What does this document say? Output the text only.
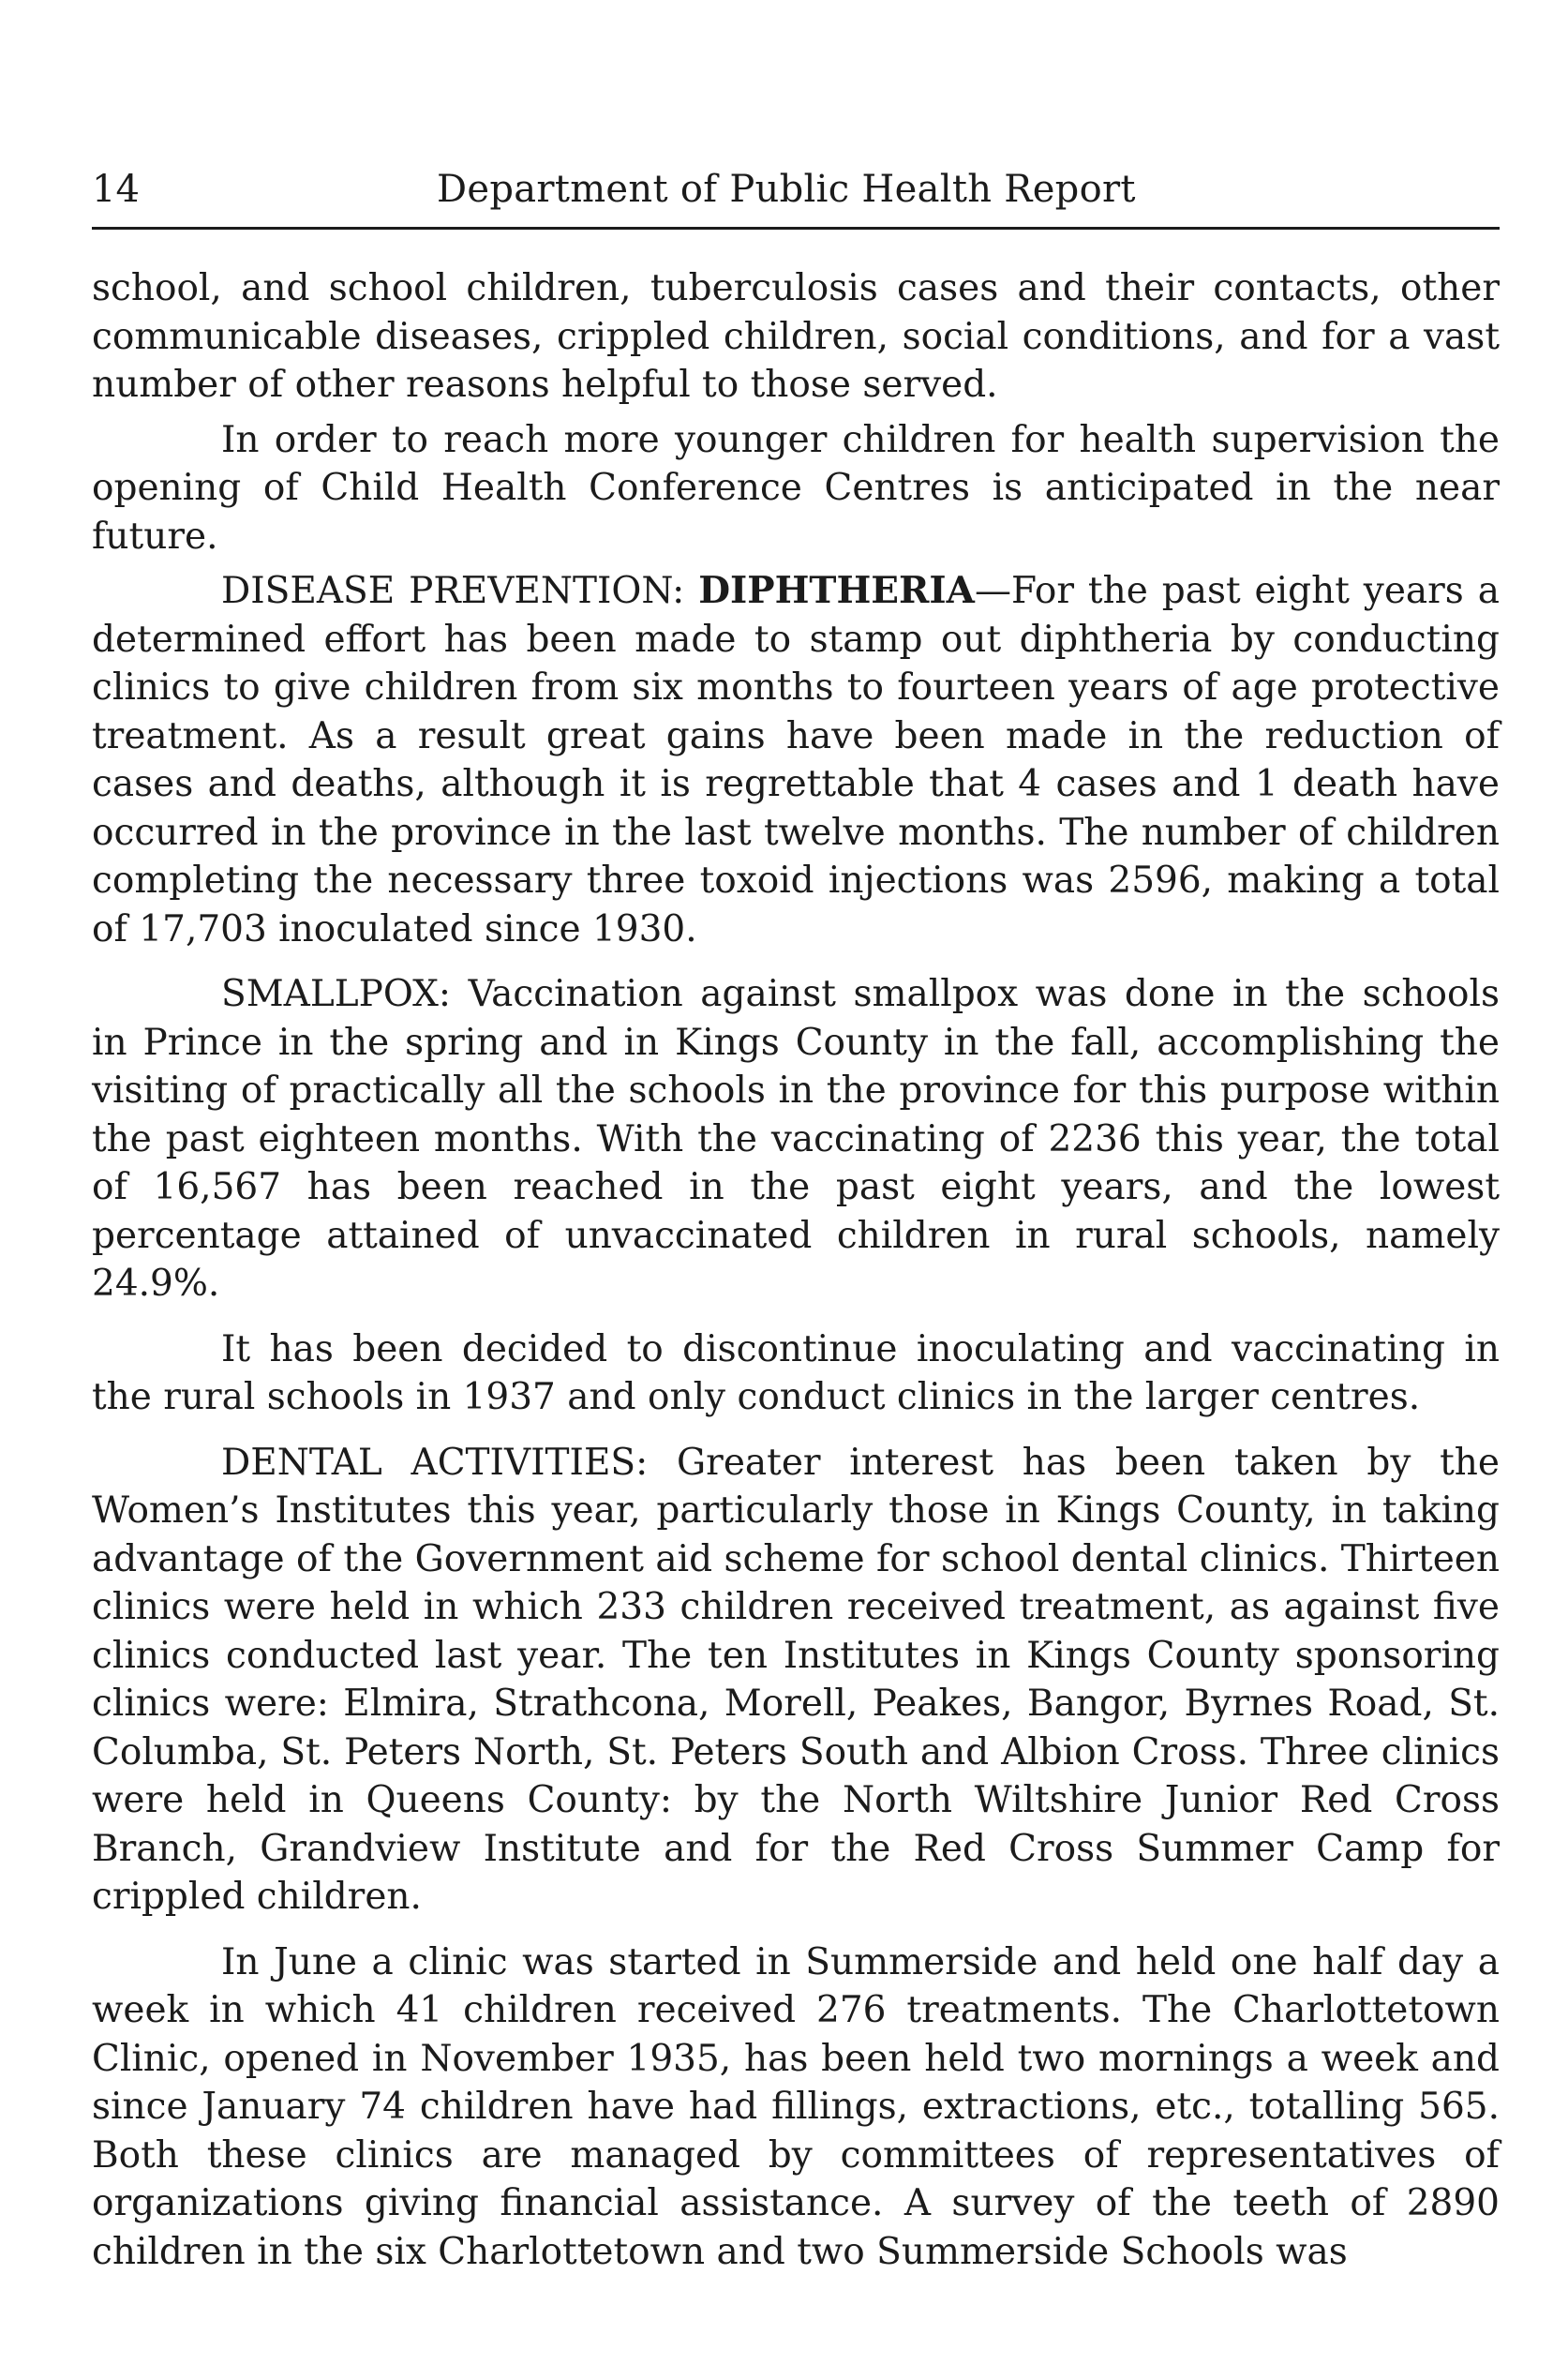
14	Department of Public Health Report

school, and school children, tuberculosis cases and their contacts, other communicable diseases, crippled children, social conditions, and for a vast number of other reasons helpful to those served.

In order to reach more younger children for health supervision the opening of Child Health Conference Centres is anticipated in the near future.

DISEASE PREVENTION: DIPHTHERIA—For the past eight years a determined effort has been made to stamp out diphtheria by conducting clinics to give children from six months to fourteen years of age protective treatment. As a result great gains have been made in the reduction of cases and deaths, although it is regrettable that 4 cases and 1 death have occurred in the province in the last twelve months. The number of children completing the necessary three toxoid injections was 2596, making a total of 17,703 inoculated since 1930.

SMALLPOX: Vaccination against smallpox was done in the schools in Prince in the spring and in Kings County in the fall, accomplishing the visiting of practically all the schools in the province for this purpose within the past eighteen months. With the vaccinating of 2236 this year, the total of 16,567 has been reached in the past eight years, and the lowest percentage attained of unvaccinated children in rural schools, namely 24.9%.

It has been decided to discontinue inoculating and vaccinating in the rural schools in 1937 and only conduct clinics in the larger centres.

DENTAL ACTIVITIES: Greater interest has been taken by the Women’s Institutes this year, particularly those in Kings County, in taking advantage of the Government aid scheme for school dental clinics. Thirteen clinics were held in which 233 children received treatment, as against five clinics conducted last year. The ten Institutes in Kings County sponsoring clinics were: Elmira, Strathcona, Morell, Peakes, Bangor, Byrnes Road, St. Columba, St. Peters North, St. Peters South and Albion Cross. Three clinics were held in Queens County: by the North Wiltshire Junior Red Cross Branch, Grandview Institute and for the Red Cross Summer Camp for crippled children.

In June a clinic was started in Summerside and held one half day a week in which 41 children received 276 treatments. The Charlottetown Clinic, opened in November 1935, has been held two mornings a week and since January 74 children have had fillings, extractions, etc., totalling 565. Both these clinics are managed by committees of representatives of organizations giving financial assistance. A survey of the teeth of 2890 children in the six Charlottetown and two Summerside Schools was
